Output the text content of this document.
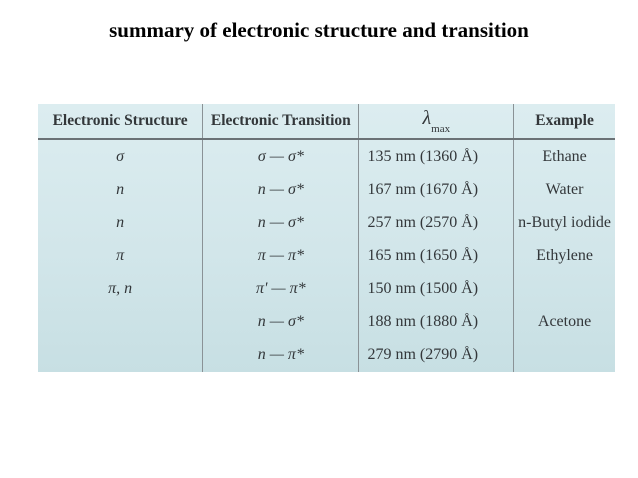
summary of electronic structure and transition
Electronic Structure	Electronic Transition	$\lambda_{max}$	Example
σ	σ — σ*	135 nm (1360 Å)	Ethane
n	n — σ*	167 nm (1670 Å)	Water
n	n — σ*	257 nm (2570 Å)	n-Butyl iodide
π	π — π*	165 nm (1650 Å)	Ethylene
π, n	π' — π*	150 nm (1500 Å)	
	n — σ*	188 nm (1880 Å)	Acetone
	n — π*	279 nm (2790 Å)	
